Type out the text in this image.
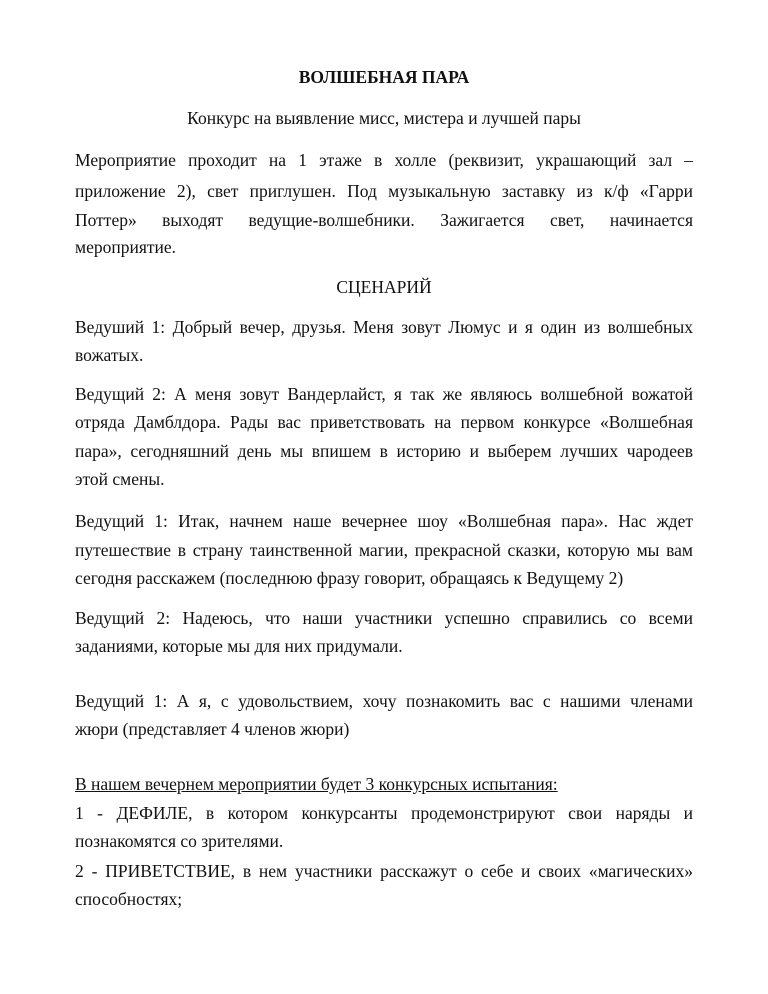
ВОЛШЕБНАЯ ПАРА
Конкурс на выявление мисс, мистера и лучшей пары
Мероприятие проходит на 1 этаже в холле (реквизит, украшающий зал –
приложение 2), свет приглушен. Под музыкальную заставку из к/ф «Гарри
Поттер» выходят ведущие-волшебники. Зажигается свет, начинается
мероприятие.
СЦЕНАРИЙ
Ведуший 1: Добрый вечер, друзья. Меня зовут Люмус и я один из волшебных
вожатых.
Ведущий 2: А меня зовут Вандерлайст, я так же являюсь волшебной вожатой
отряда Дамблдора. Рады вас приветствовать на первом конкурсе «Волшебная
пара», сегодняшний день мы впишем в историю и выберем лучших чародеев
этой смены.
Ведущий 1: Итак, начнем наше вечернее шоу «Волшебная пара». Нас ждет
путешествие в страну таинственной магии, прекрасной сказки, которую мы вам
сегодня расскажем (последнюю фразу говорит, обращаясь к Ведущему 2)
Ведущий 2: Надеюсь, что наши участники успешно справились со всеми
заданиями, которые мы для них придумали.
Ведущий 1: А я, с удовольствием, хочу познакомить вас с нашими членами
жюри (представляет 4 членов жюри)
В нашем вечернем мероприятии будет 3 конкурсных испытания:
1 - ДЕФИЛЕ, в котором конкурсанты продемонстрируют свои наряды и
познакомятся со зрителями.
2 - ПРИВЕТСТВИЕ, в нем участники расскажут о себе и своих «магических»
способностях;
